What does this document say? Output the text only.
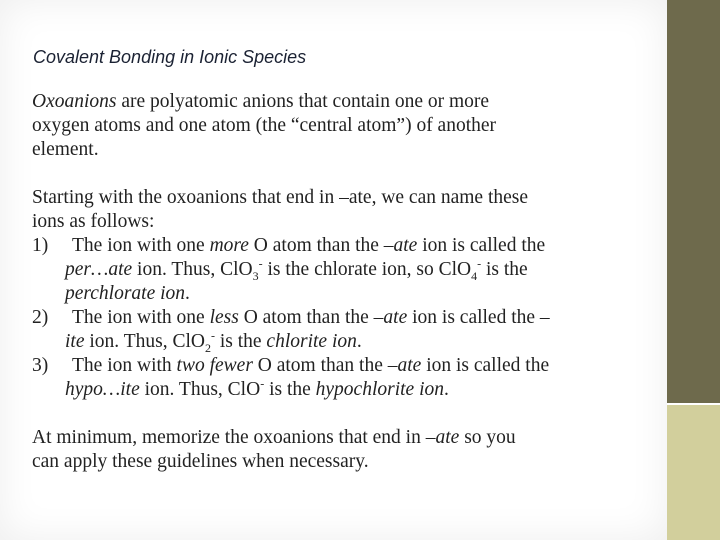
Covalent Bonding in Ionic Species

Oxoanions are polyatomic anions that contain one or more
oxygen atoms and one atom (the “central atom”) of another
element.

Starting with the oxoanions that end in –ate, we can name these
ions as follows:

1)	The ion with one more O atom than the –ate ion is called the
per…ate ion. Thus, ClO$_3$- is the chlorate ion, so ClO$_4$- is the
perchlorate ion.
2)	The ion with one less O atom than the –ate ion is called the –
ite ion. Thus, ClO$_2$- is the chlorite ion.
3)	The ion with two fewer O atom than the –ate ion is called the
hypo…ite ion. Thus, ClO- is the hypochlorite ion.

At minimum, memorize the oxoanions that end in –ate so you
can apply these guidelines when necessary.
